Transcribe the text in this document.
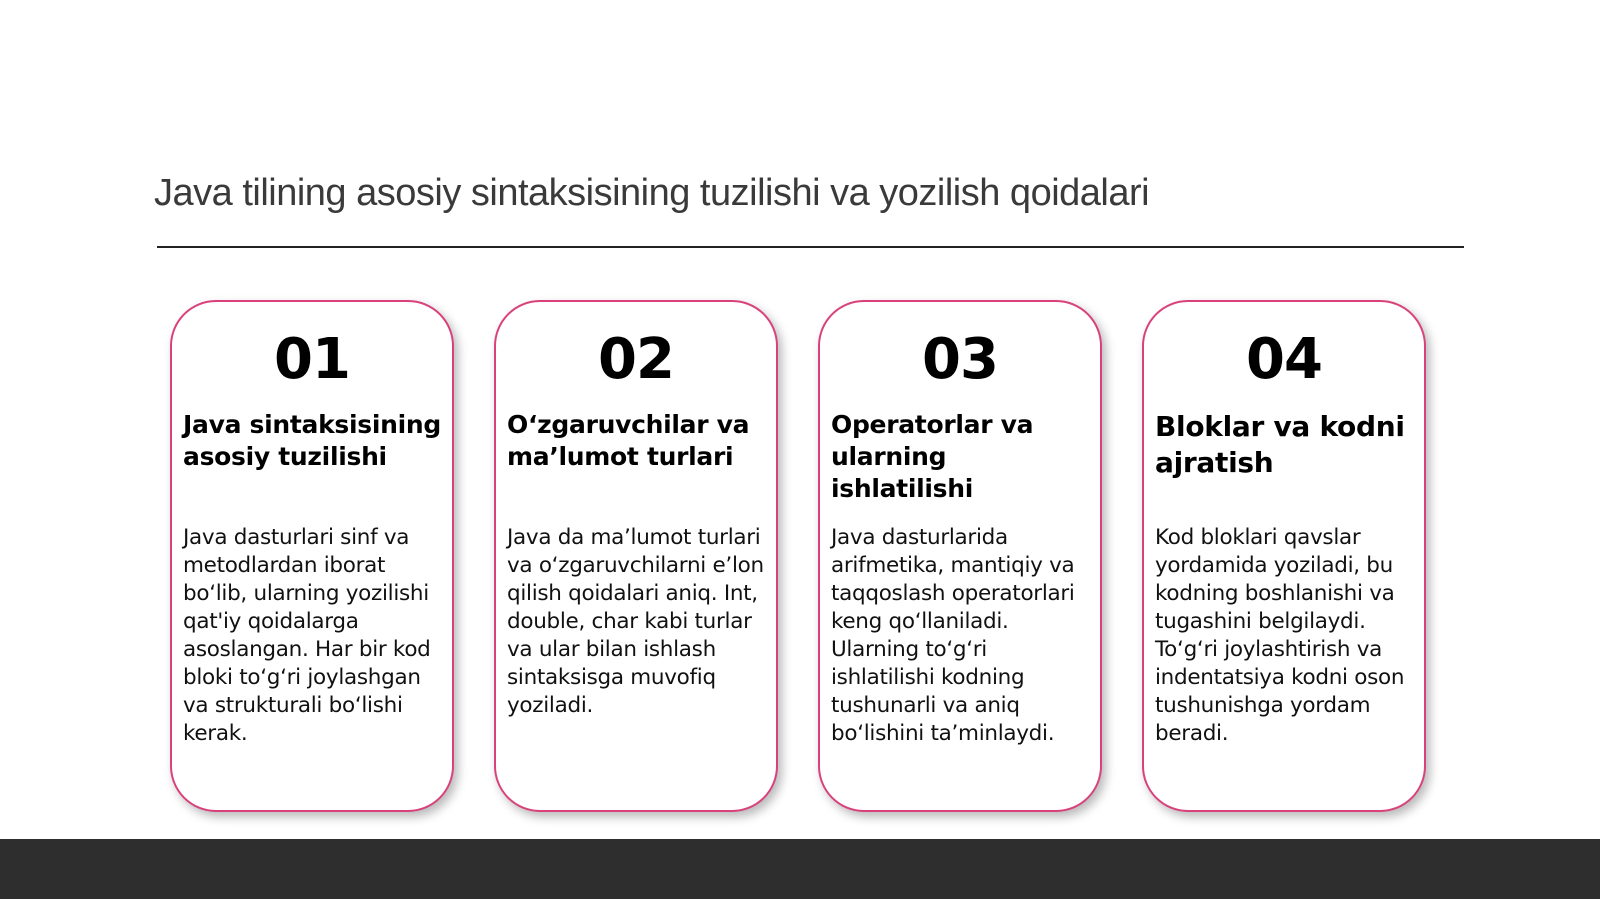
Java tilining asosiy sintaksisining tuzilishi va yozilish qoidalari
01
Java sintaksisining asosiy tuzilishi

Java dasturlari sinf va metodlardan iborat bo‘lib, ularning yozilishi qat'iy qoidalarga asoslangan. Har bir kod bloki to‘g‘ri joylashgan va strukturali bo‘lishi kerak.

02
O‘zgaruvchilar va ma’lumot turlari

Java da ma’lumot turlari va o‘zgaruvchilarni e’lon qilish qoidalari aniq. Int, double, char kabi turlar va ular bilan ishlash sintaksisga muvofiq yoziladi.

03
Operatorlar va ularning ishlatilishi

Java dasturlarida arifmetika, mantiqiy va taqqoslash operatorlari keng qo‘llaniladi. Ularning to‘g‘ri ishlatilishi kodning tushunarli va aniq bo‘lishini ta’minlaydi.

04
Bloklar va kodni ajratish

Kod bloklari qavslar yordamida yoziladi, bu kodning boshlanishi va tugashini belgilaydi. To‘g‘ri joylashtirish va indentatsiya kodni oson tushunishga yordam beradi.
